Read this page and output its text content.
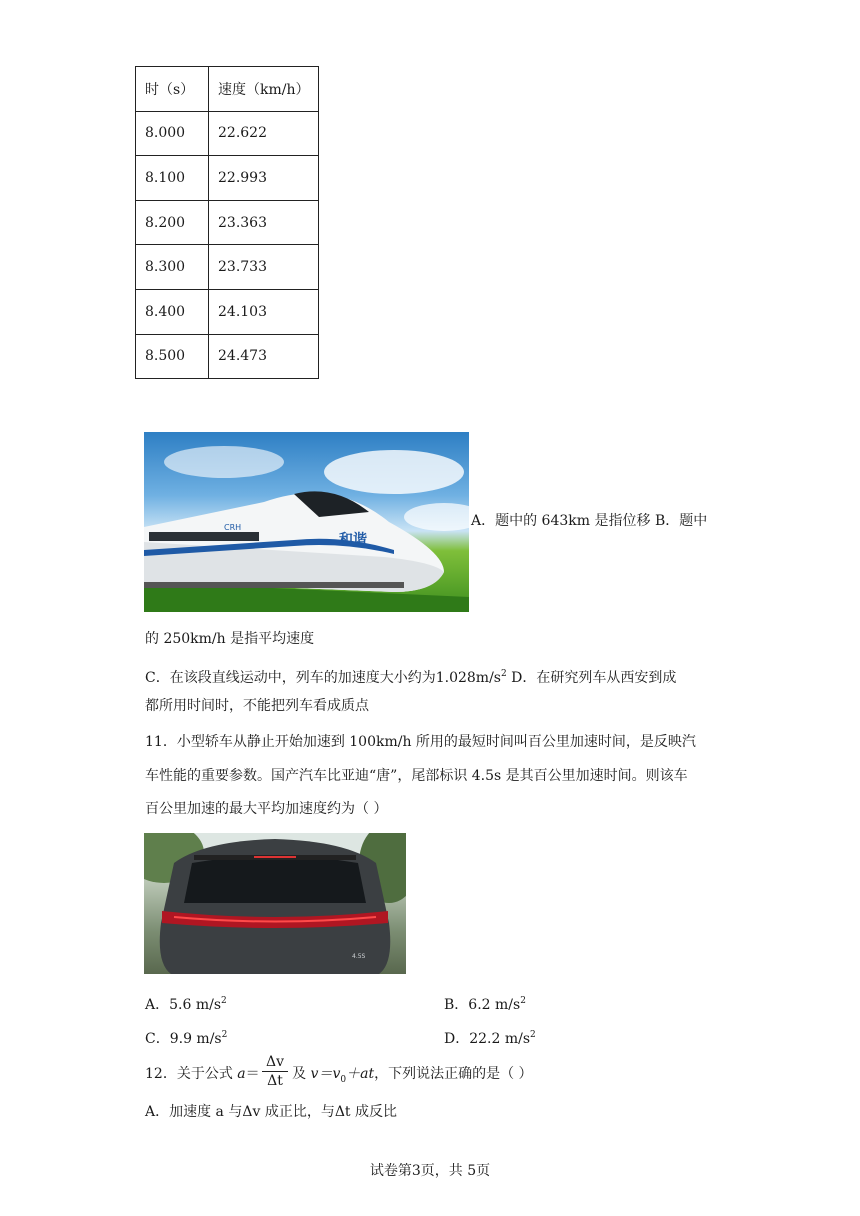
时（s）	速度（km/h）
8.000	22.622
8.100	22.993
8.200	23.363
8.300	23.733
8.400	24.103
8.500	24.473
CRH
和谐
A．题中的 643km 是指位移 B．题中
的 250km/h 是指平均速度
C．在该段直线运动中，列车的加速度大小约为$1.028m/s^2$ D．在研究列车从西安到成
都所用时间时，不能把列车看成质点
11．小型轿车从静止开始加速到 100km/h 所用的最短时间叫百公里加速时间，是反映汽
车性能的重要参数。国产汽车比亚迪“唐”，尾部标识 4.5s 是其百公里加速时间。则该车
百公里加速的最大平均加速度约为（ ）
4.5S
A．5.6 $m/s^2$	B．6.2 $m/s^2$
C．9.9 $m/s^2$	D．22.2 $m/s^2$
12．关于公式 a＝ 及 $v=v_0+at$，下列说法正确的是（ ）
$\frac{\Delta v}{\Delta t}$
A．加速度 a 与Δv 成正比，与Δt 成反比
试卷第3页，共 5页
